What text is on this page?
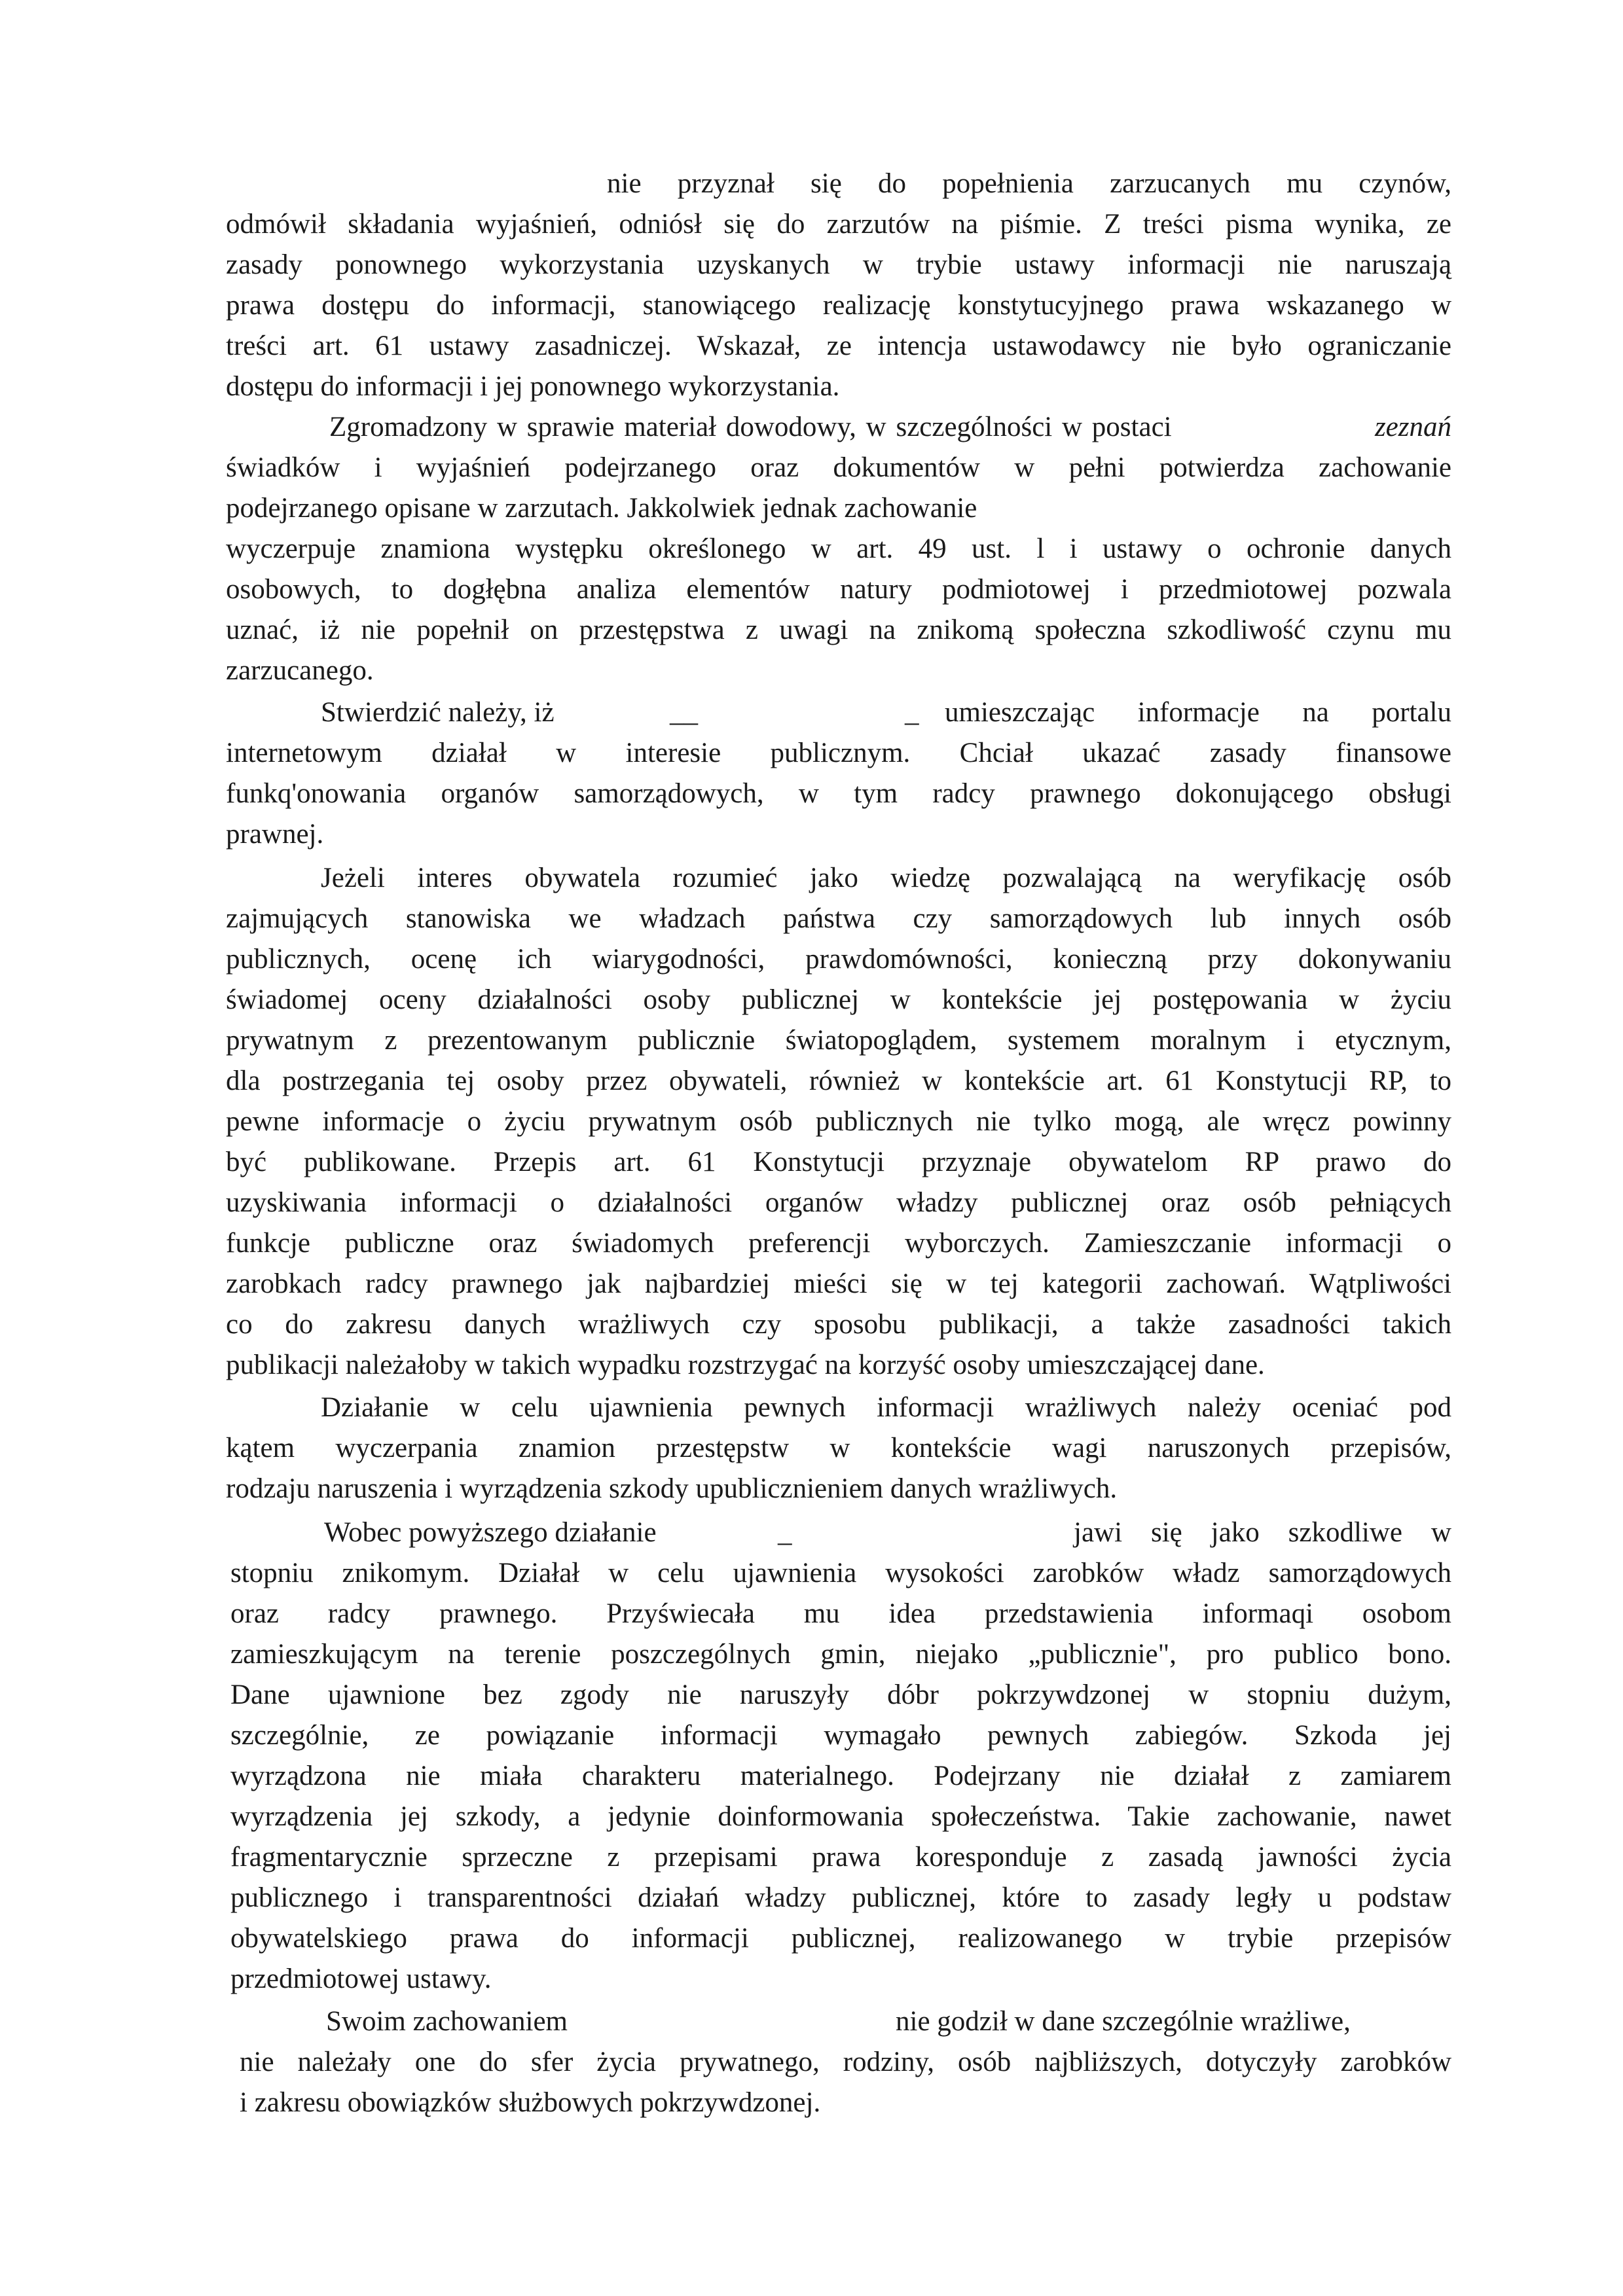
nie przyznał się do popełnienia zarzucanych mu czynów,

odmówił składania wyjaśnień, odniósł się do zarzutów na piśmie. Z treści pisma wynika, ze

zasady ponownego wykorzystania uzyskanych w trybie ustawy informacji nie naruszają

prawa dostępu do informacji, stanowiącego realizację konstytucyjnego prawa wskazanego w

treści art. 61 ustawy zasadniczej. Wskazał, ze intencja ustawodawcy nie było ograniczanie

dostępu do informacji i jej ponownego wykorzystania.

Zgromadzony w sprawie materiał dowodowy, w szczególności w postaci	zeznań

świadków i wyjaśnień podejrzanego oraz dokumentów w pełni potwierdza zachowanie

podejrzanego opisane w zarzutach. Jakkolwiek jednak zachowanie

wyczerpuje znamiona występku określonego w art. 49 ust. l i ustawy o ochronie danych

osobowych, to dogłębna analiza elementów natury podmiotowej i przedmiotowej pozwala

uznać, iż nie popełnił on przestępstwa z uwagi na znikomą społeczna szkodliwość czynu mu

zarzucanego.

Stwierdzić należy, iż	__	_ umieszczając informacje na portalu

internetowym działał w interesie publicznym. Chciał ukazać zasady finansowe

funkq'onowania organów samorządowych, w tym radcy prawnego dokonującego obsługi

prawnej.

Jeżeli interes obywatela rozumieć jako wiedzę pozwalającą na weryfikację osób

zajmujących stanowiska we władzach państwa czy samorządowych lub innych osób

publicznych, ocenę ich wiarygodności, prawdomówności, konieczną przy dokonywaniu

świadomej oceny działalności osoby publicznej w kontekście jej postępowania w życiu

prywatnym z prezentowanym publicznie światopoglądem, systemem moralnym i etycznym,

dla postrzegania tej osoby przez obywateli, również w kontekście art. 61 Konstytucji RP, to

pewne informacje o życiu prywatnym osób publicznych nie tylko mogą, ale wręcz powinny

być publikowane. Przepis art. 61 Konstytucji przyznaje obywatelom RP prawo do

uzyskiwania informacji o działalności organów władzy publicznej oraz osób pełniących

funkcje publiczne oraz świadomych preferencji wyborczych. Zamieszczanie informacji o

zarobkach radcy prawnego jak najbardziej mieści się w tej kategorii zachowań. Wątpliwości

co do zakresu danych wrażliwych czy sposobu publikacji, a także zasadności takich

publikacji należałoby w takich wypadku rozstrzygać na korzyść osoby umieszczającej dane.

Działanie w celu ujawnienia pewnych informacji wrażliwych należy oceniać pod

kątem wyczerpania znamion przestępstw w kontekście wagi naruszonych przepisów,

rodzaju naruszenia i wyrządzenia szkody upublicznieniem danych wrażliwych.

Wobec powyższego działanie	_	jawi się jako szkodliwe w

stopniu znikomym. Działał w celu ujawnienia wysokości zarobków władz samorządowych

oraz radcy prawnego. Przyświecała mu idea przedstawienia informaqi osobom

zamieszkującym na terenie poszczególnych gmin, niejako „publicznie", pro publico bono.

Dane ujawnione bez zgody nie naruszyły dóbr pokrzywdzonej w stopniu dużym,

szczególnie, ze powiązanie informacji wymagało pewnych zabiegów. Szkoda jej

wyrządzona nie miała charakteru materialnego. Podejrzany nie działał z zamiarem

wyrządzenia jej szkody, a jedynie doinformowania społeczeństwa. Takie zachowanie, nawet

fragmentarycznie sprzeczne z przepisami prawa koresponduje z zasadą jawności życia

publicznego i transparentności działań władzy publicznej, które to zasady legły u podstaw

obywatelskiego prawa do informacji publicznej, realizowanego w trybie przepisów

przedmiotowej ustawy.

Swoim zachowaniem	nie godził w dane szczególnie wrażliwe,

nie należały one do sfer życia prywatnego, rodziny, osób najbliższych, dotyczyły zarobków

i zakresu obowiązków służbowych pokrzywdzonej.
